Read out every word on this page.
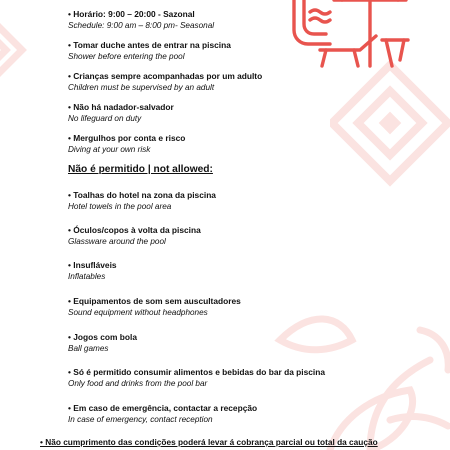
• Horário: 9:00 – 20:00 - Sazonal
Schedule: 9:00 am – 8:00 pm- Seasonal
• Tomar duche antes de entrar na piscina
Shower before entering the pool
• Crianças sempre acompanhadas por um adulto
Children must be supervised by an adult
• Não há nadador-salvador
No lifeguard on duty
• Mergulhos por conta e risco
Diving at your own risk
Não é permitido | not allowed:
• Toalhas do hotel na zona da piscina
Hotel towels in the pool area
• Óculos/copos à volta da piscina
Glassware around the pool
• Insufláveis
Inflatables
• Equipamentos de som sem auscultadores
Sound equipment without headphones
• Jogos com bola
Ball games
• Só é permitido consumir alimentos e bebidas do bar da piscina
Only food and drinks from the pool bar
• Em caso de emergência, contactar a recepção
In case of emergency, contact reception
• Não cumprimento das condições poderá levar á cobrança parcial ou total da caução
